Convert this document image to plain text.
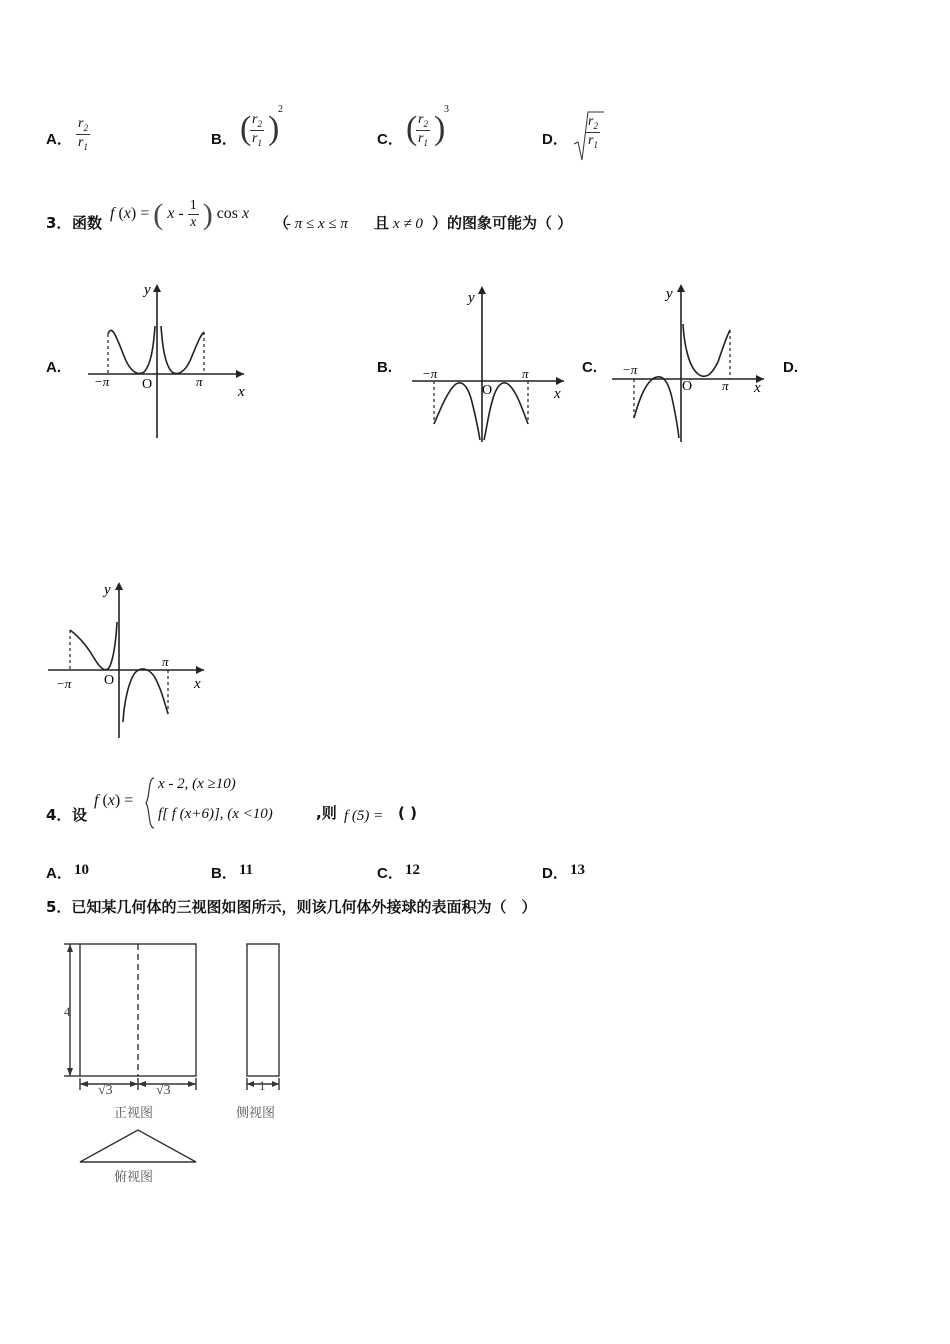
A． $\frac{r_2}{r_1}$	B． (
$\frac{r_2}{r_1}$ )
2
C． (
$\frac{r_2}{r_1}$ )
3
D． $\frac{r_2}{r_1}$
3． 函数
f (x) = ( x - $\frac{1}{x}$ ) cos x
（
- π ≤ x ≤ π 且 x ≠ 0 ）的图象可能为（ ）
A.	B.	C.	D.
y
x
O
−π	π
y
x
O
−π	π
y
x
O
−π
π
y
x
O
−π
π
4． 设
f (x) =
x - 2, (x ≥10)
f[ f (x+6)], (x <10)	,则 f (5) = ( )
A． 10	B． 11	C． 12	D． 13
5．已知某几何体的三视图如图所示，则该几何体外接球的表面积为（　）
4
√3	√3
正视图
1
侧视图
俯视图
